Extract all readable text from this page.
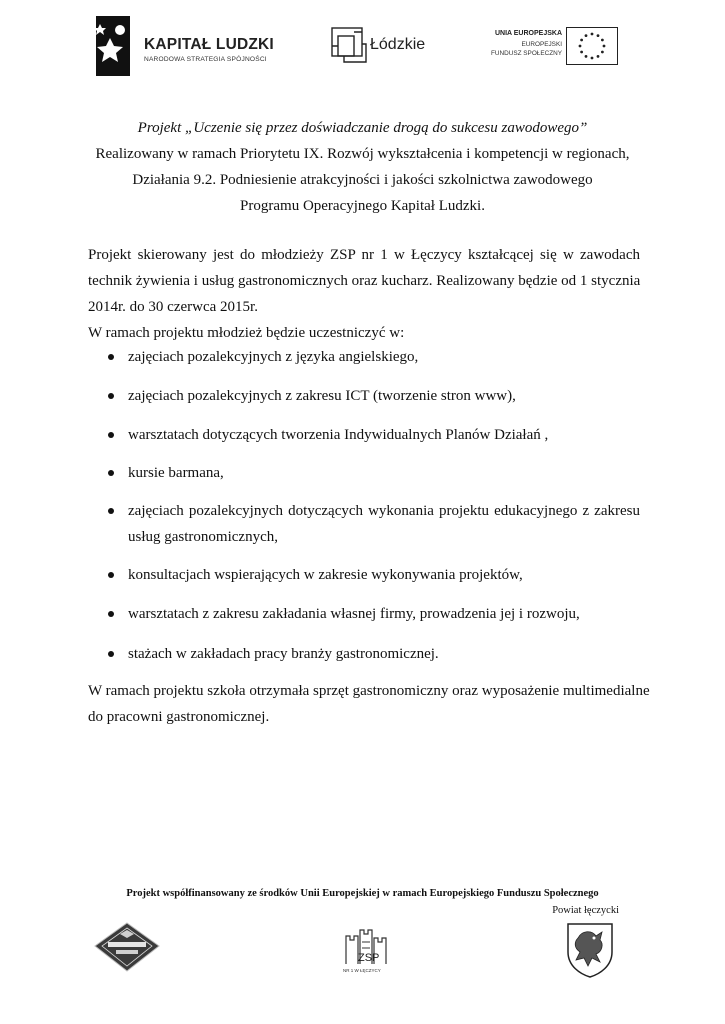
KAPITAŁ LUDZKI
NARODOWA STRATEGIA SPÓJNOŚCI
Łódzkie
UNIA EUROPEJSKA
EUROPEJSKI
FUNDUSZ SPOŁECZNY
Projekt „Uczenie się przez doświadczanie drogą do sukcesu zawodowego”
Realizowany w ramach Priorytetu IX. Rozwój wykształcenia i kompetencji w regionach,
Działania 9.2. Podniesienie atrakcyjności i jakości szkolnictwa zawodowego
Programu Operacyjnego Kapitał Ludzki.
Projekt skierowany jest do młodzieży ZSP nr 1 w Łęczycy kształcącej się w zawodach
technik żywienia i usług gastronomicznych oraz kucharz. Realizowany będzie od 1 stycznia
2014r. do 30 czerwca 2015r.
W ramach projektu młodzież będzie uczestniczyć w:
zajęciach pozalekcyjnych z języka angielskiego,
zajęciach pozalekcyjnych z zakresu ICT (tworzenie stron www),
warsztatach dotyczących tworzenia Indywidualnych Planów Działań ,
kursie barmana,
zajęciach pozalekcyjnych dotyczących wykonania projektu edukacyjnego z zakresu
usług gastronomicznych,
konsultacjach wspierających w zakresie wykonywania projektów,
warsztatach z zakresu zakładania własnej firmy, prowadzenia jej i rozwoju,
stażach w zakładach pracy branży gastronomicznej.
W ramach projektu szkoła otrzymała sprzęt gastronomiczny oraz wyposażenie multimedialne
do pracowni gastronomicznej.
Projekt współfinansowany ze środków Unii Europejskiej w ramach Europejskiego Funduszu Społecznego
Powiat łęczycki
ZSP
NR 1 W ŁĘCZYCY
